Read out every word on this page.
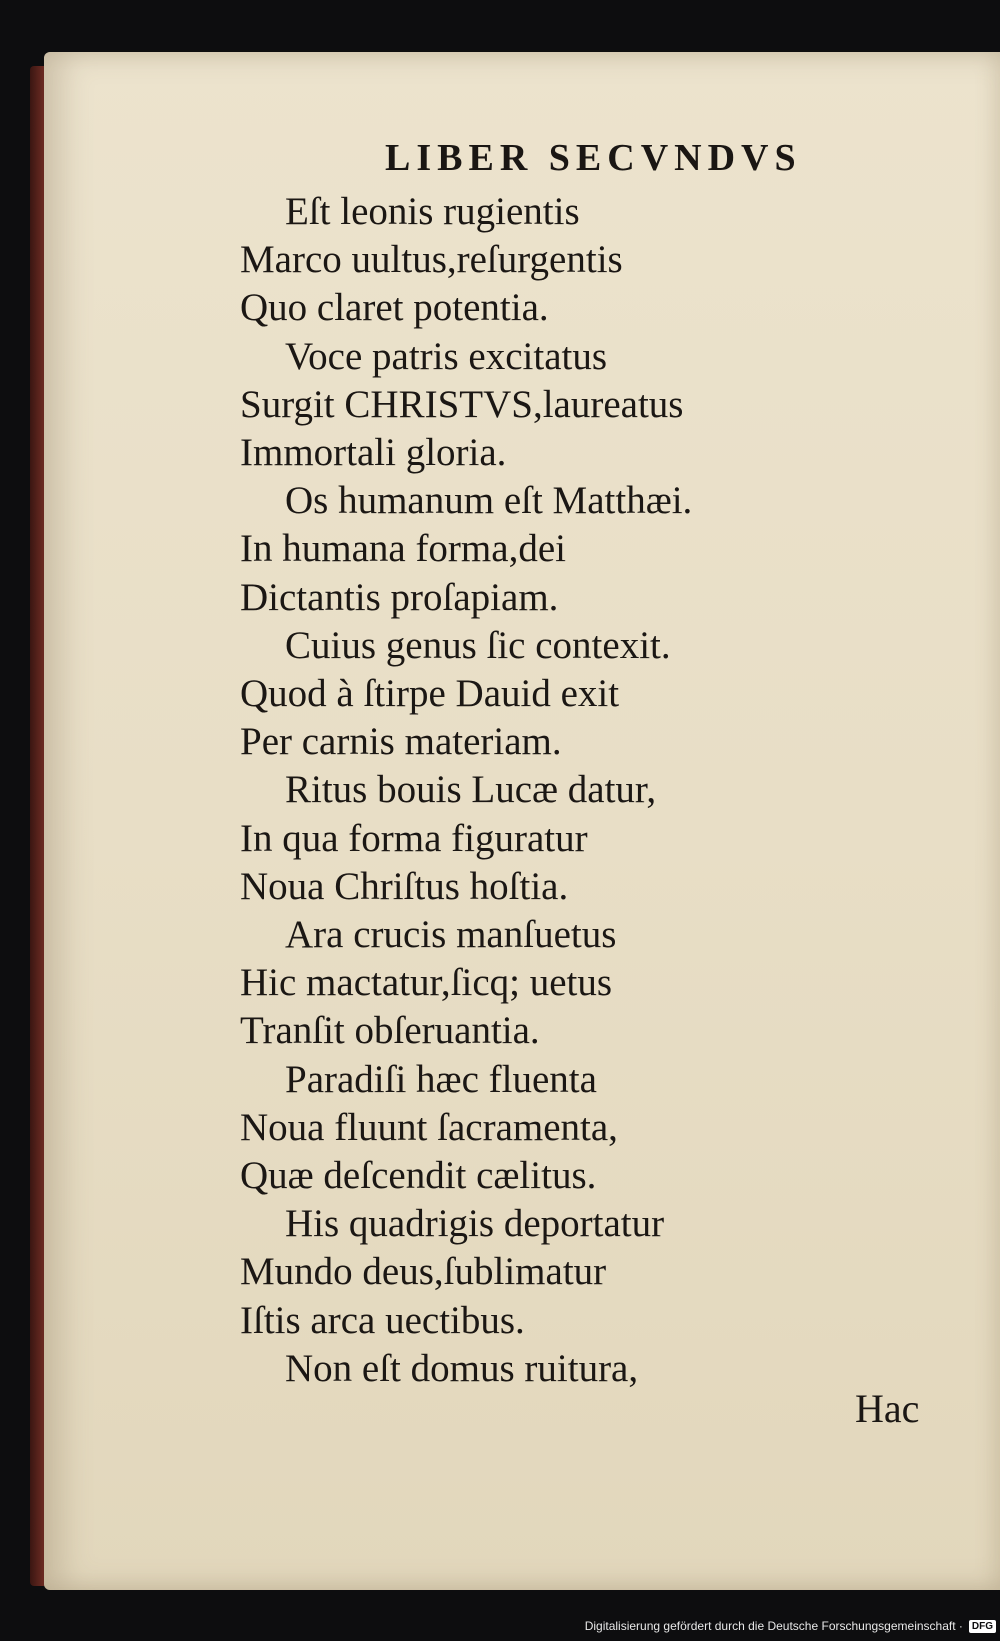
LIBER SECVNDVS
Eſt leonis rugientis
Marco uultus,reſurgentis
Quo claret potentia.
Voce patris excitatus
Surgit CHRISTVS,laureatus
Immortali gloria.
Os humanum eſt Matthæi.
In humana forma,dei
Dictantis proſapiam.
Cuius genus ſic contexit.
Quod à ſtirpe Dauid exit
Per carnis materiam.
Ritus bouis Lucæ datur,
In qua forma figuratur
Noua Chriſtus hoſtia.
Ara crucis manſuetus
Hic mactatur,ſicq; uetus
Tranſit obſeruantia.
Paradiſi hæc fluenta
Noua fluunt ſacramenta,
Quæ deſcendit cælitus.
His quadrigis deportatur
Mundo deus,ſublimatur
Iſtis arca uectibus.
Non eſt domus ruitura,
Hac
Digitalisierung gefördert durch die Deutsche Forschungsgemeinschaft · DFG
